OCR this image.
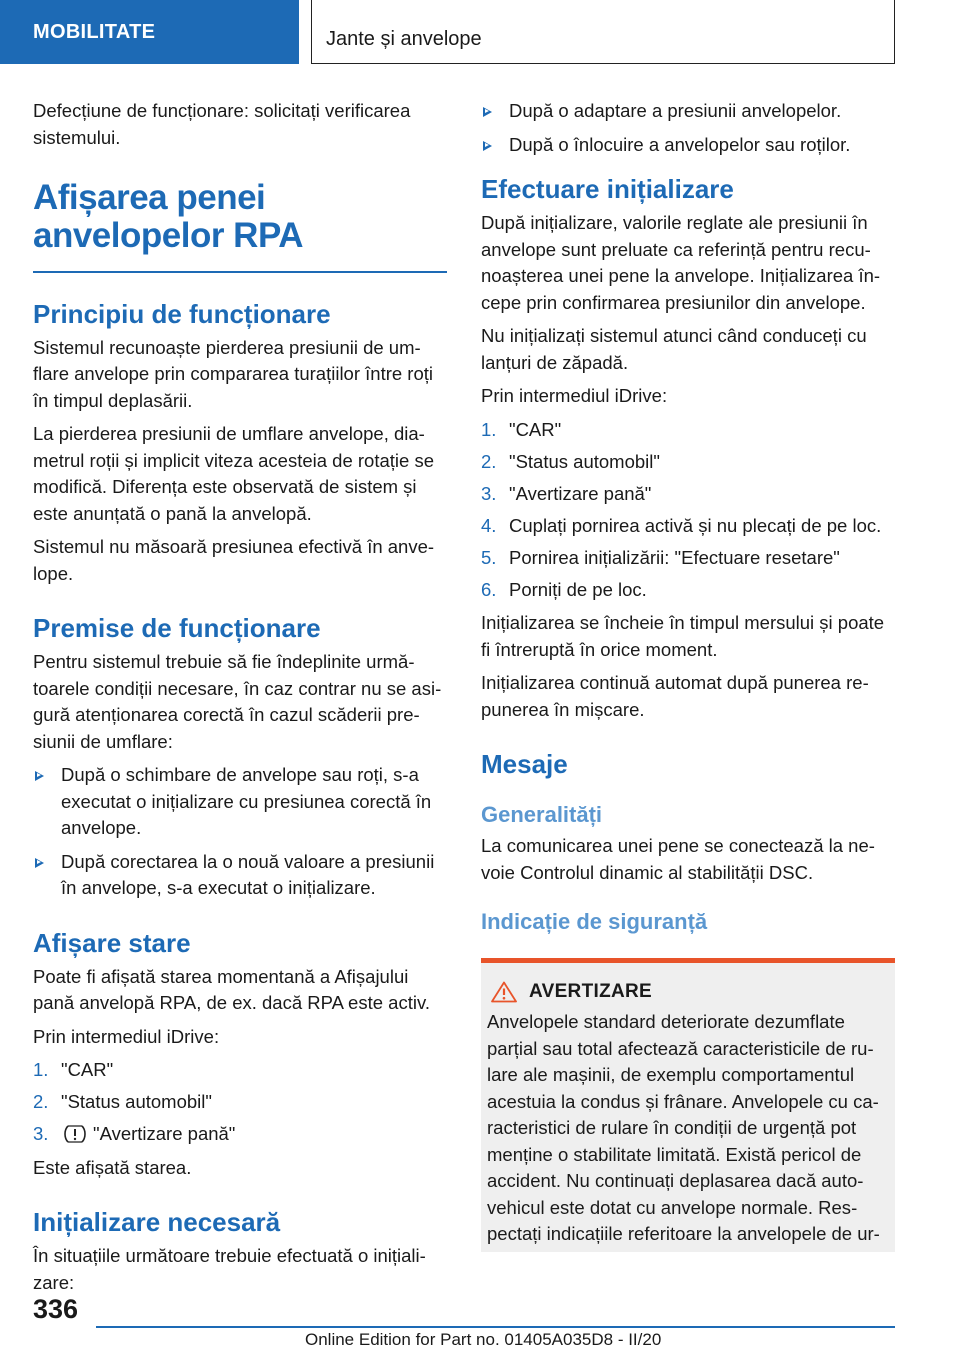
MOBILITATE	Jante și anvelope

Defecțiune de funcționare: solicitați verificarea sistemului.

Afișarea penei anvelopelor RPA
Principiu de funcționare

Sistemul recunoaște pierderea presiunii de umflare anvelope prin compararea turațiilor între roți în timpul deplasării.

La pierderea presiunii de umflare anvelope, diametrul roții și implicit viteza acesteia de rotație se modifică. Diferența este observată de sistem și este anunțată o pană la anvelopă.

Sistemul nu măsoară presiunea efectivă în anvelope.

Premise de funcționare

Pentru sistemul trebuie să fie îndeplinite următoarele condiții necesare, în caz contrar nu se asigură atenționarea corectă în cazul scăderii presiunii de umflare:

După o schimbare de anvelope sau roți, s-a executat o inițializare cu presiunea corectă în anvelope.
După corectarea la o nouă valoare a presiunii în anvelope, s-a executat o inițializare.
Afișare stare

Poate fi afișată starea momentană a Afișajului pană anvelopă RPA, de ex. dacă RPA este activ.

Prin intermediul iDrive:

1. "CAR"
2. "Status automobil"
3. "Avertizare pană"

Este afișată starea.

Inițializare necesară

În situațiile următoare trebuie efectuată o inițializare:

După o adaptare a presiunii anvelopelor.
După o înlocuire a anvelopelor sau roților.
Efectuare inițializare

După inițializare, valorile reglate ale presiunii în anvelope sunt preluate ca referință pentru recunoașterea unei pene la anvelope. Inițializarea începe prin confirmarea presiunilor din anvelope.

Nu inițializați sistemul atunci când conduceți cu lanțuri de zăpadă.

Prin intermediul iDrive:

1. "CAR"
2. "Status automobil"
3. "Avertizare pană"
4. Cuplați pornirea activă și nu plecați de pe loc.
5. Pornirea inițializării: "Efectuare resetare"
6. Porniți de pe loc.

Inițializarea se încheie în timpul mersului și poate fi întreruptă în orice moment.

Inițializarea continuă automat după punerea repunerea în mișcare.

Mesaje
Generalități

La comunicarea unei pene se conectează la nevoie Controlul dinamic al stabilității DSC.

Indicație de siguranță
AVERTIZARE

Anvelopele standard deteriorate dezumflate parțial sau total afectează caracteristicile de rulare ale mașinii, de exemplu comportamentul acestuia la condus și frânare. Anvelopele cu caracteristici de rulare în condiții de urgență pot menține o stabilitate limitată. Există pericol de accident. Nu continuați deplasarea dacă autovehicul este dotat cu anvelope normale. Respectați indicațiile referitoare la anvelopele de ur-

336
Online Edition for Part no. 01405A035D8 - II/20
